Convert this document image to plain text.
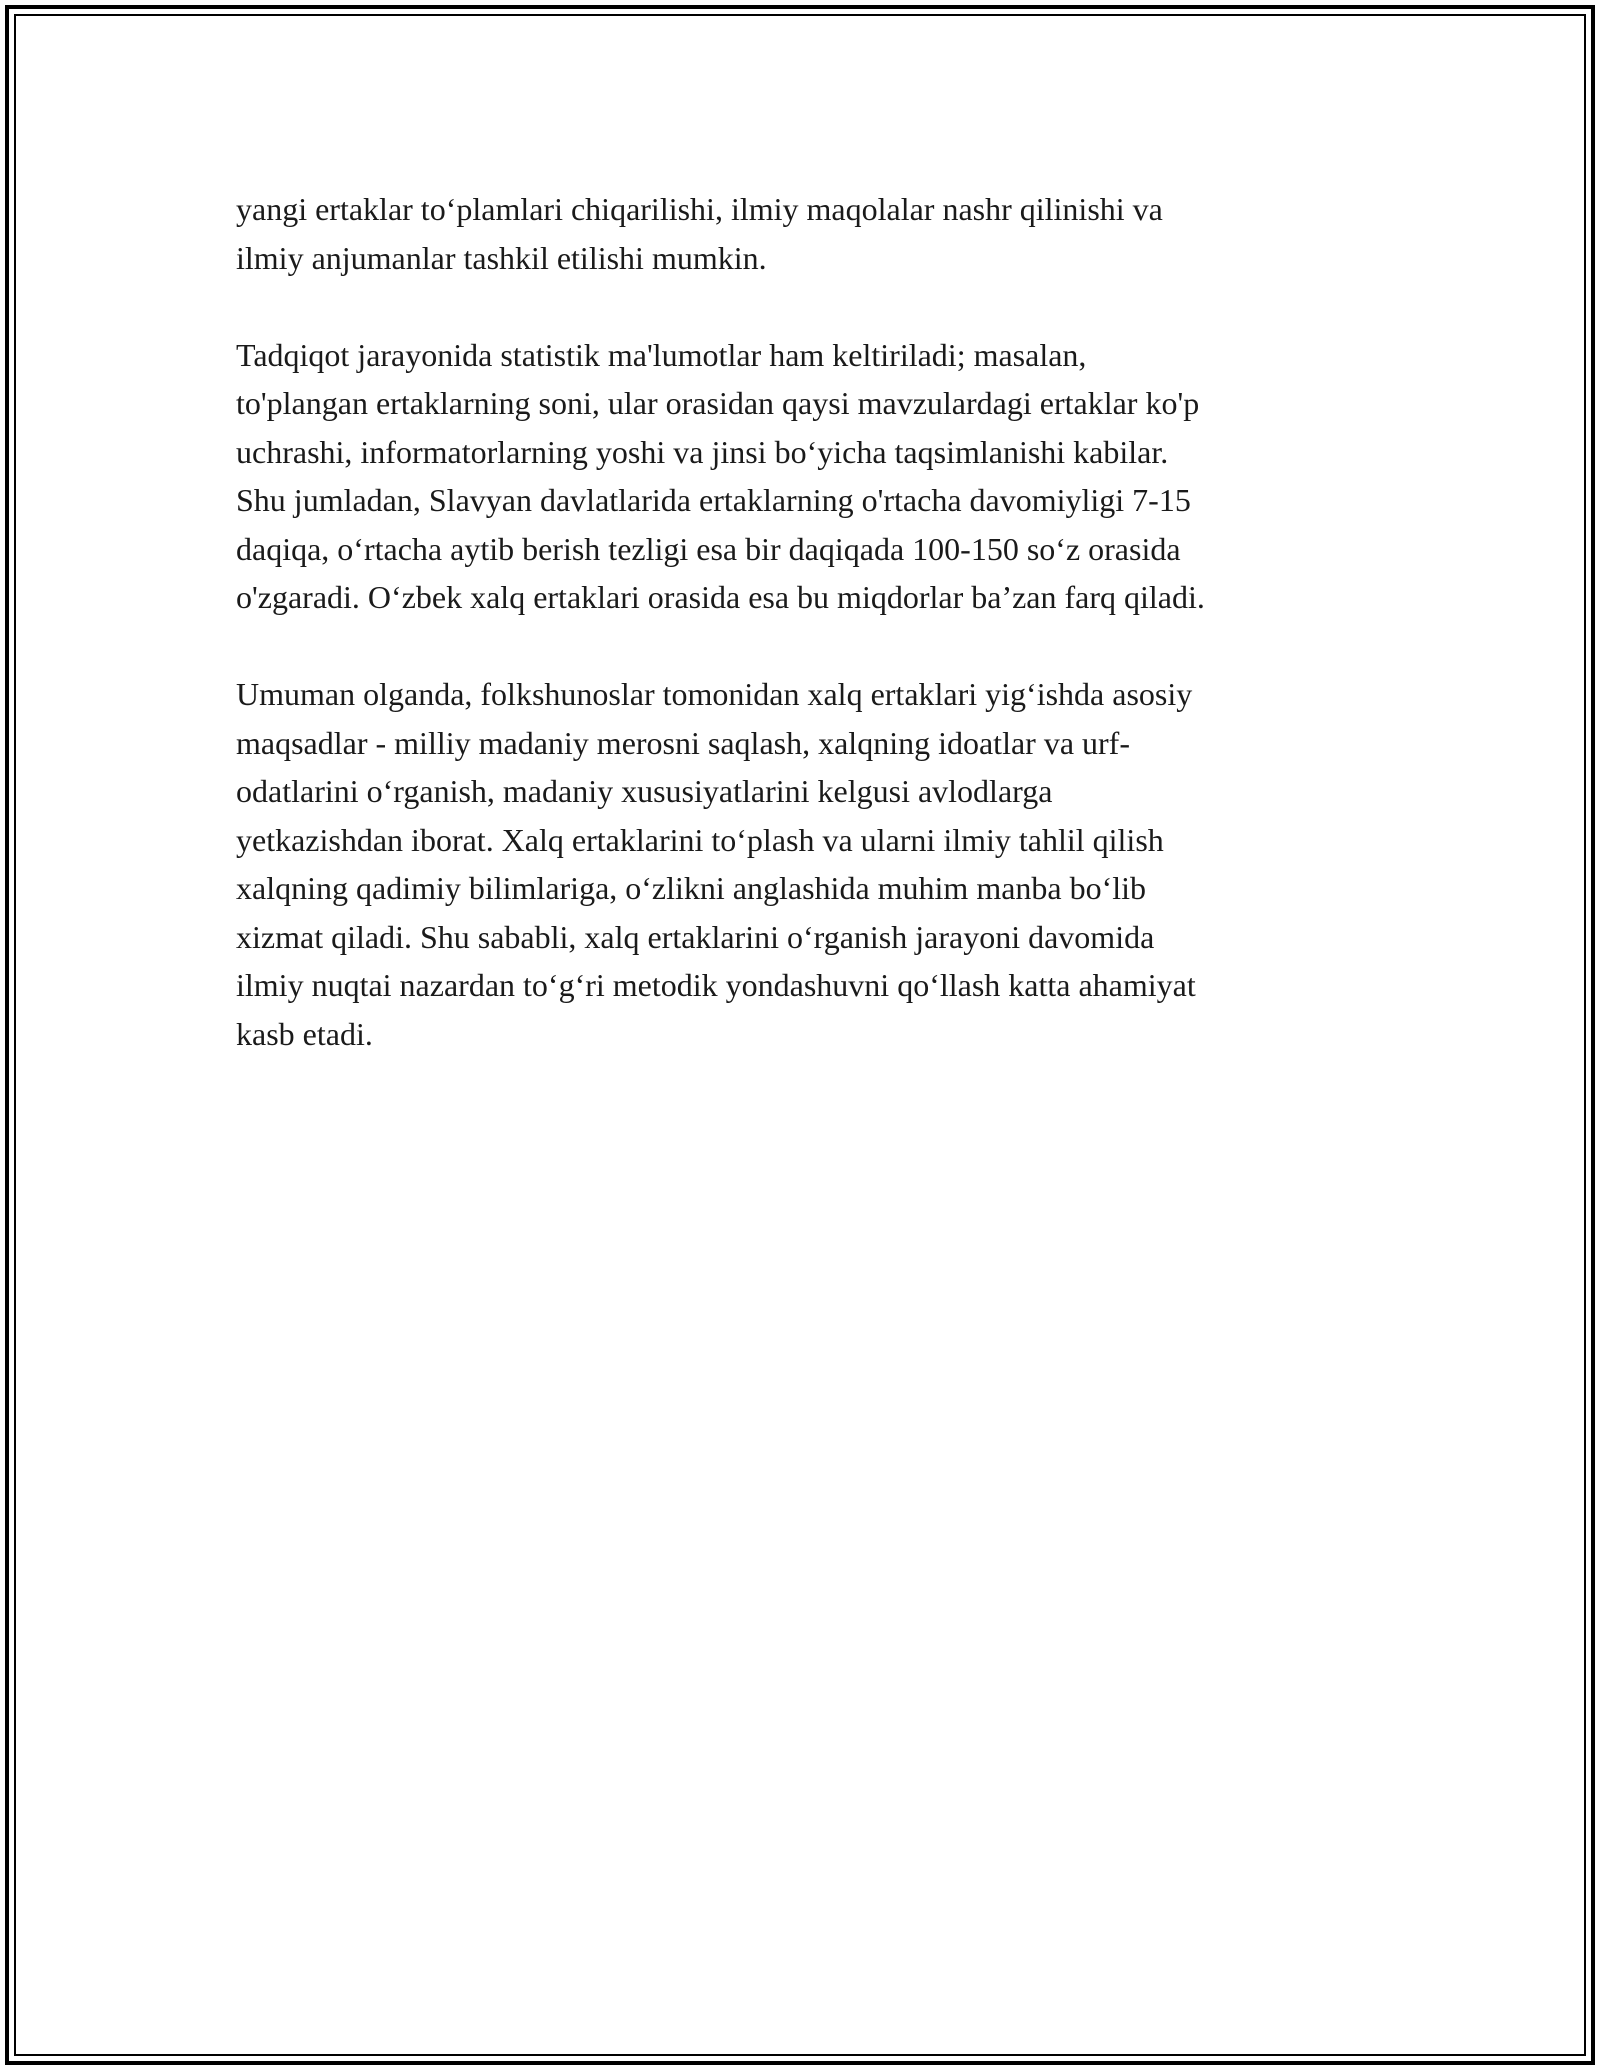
yangi ertaklar to‘plamlari chiqarilishi, ilmiy maqolalar nashr qilinishi va
ilmiy anjumanlar tashkil etilishi mumkin.

Tadqiqot jarayonida statistik ma'lumotlar ham keltiriladi; masalan,
to'plangan ertaklarning soni, ular orasidan qaysi mavzulardagi ertaklar ko'p
uchrashi, informatorlarning yoshi va jinsi bo‘yicha taqsimlanishi kabilar.
Shu jumladan, Slavyan davlatlarida ertaklarning o'rtacha davomiyligi 7-15
daqiqa, o‘rtacha aytib berish tezligi esa bir daqiqada 100-150 so‘z orasida
o'zgaradi. O‘zbek xalq ertaklari orasida esa bu miqdorlar ba’zan farq qiladi.

Umuman olganda, folkshunoslar tomonidan xalq ertaklari yig‘ishda asosiy
maqsadlar - milliy madaniy merosni saqlash, xalqning idoatlar va urf-
odatlarini o‘rganish, madaniy xususiyatlarini kelgusi avlodlarga
yetkazishdan iborat. Xalq ertaklarini to‘plash va ularni ilmiy tahlil qilish
xalqning qadimiy bilimlariga, o‘zlikni anglashida muhim manba bo‘lib
xizmat qiladi. Shu sababli, xalq ertaklarini o‘rganish jarayoni davomida
ilmiy nuqtai nazardan to‘g‘ri metodik yondashuvni qo‘llash katta ahamiyat
kasb etadi.
